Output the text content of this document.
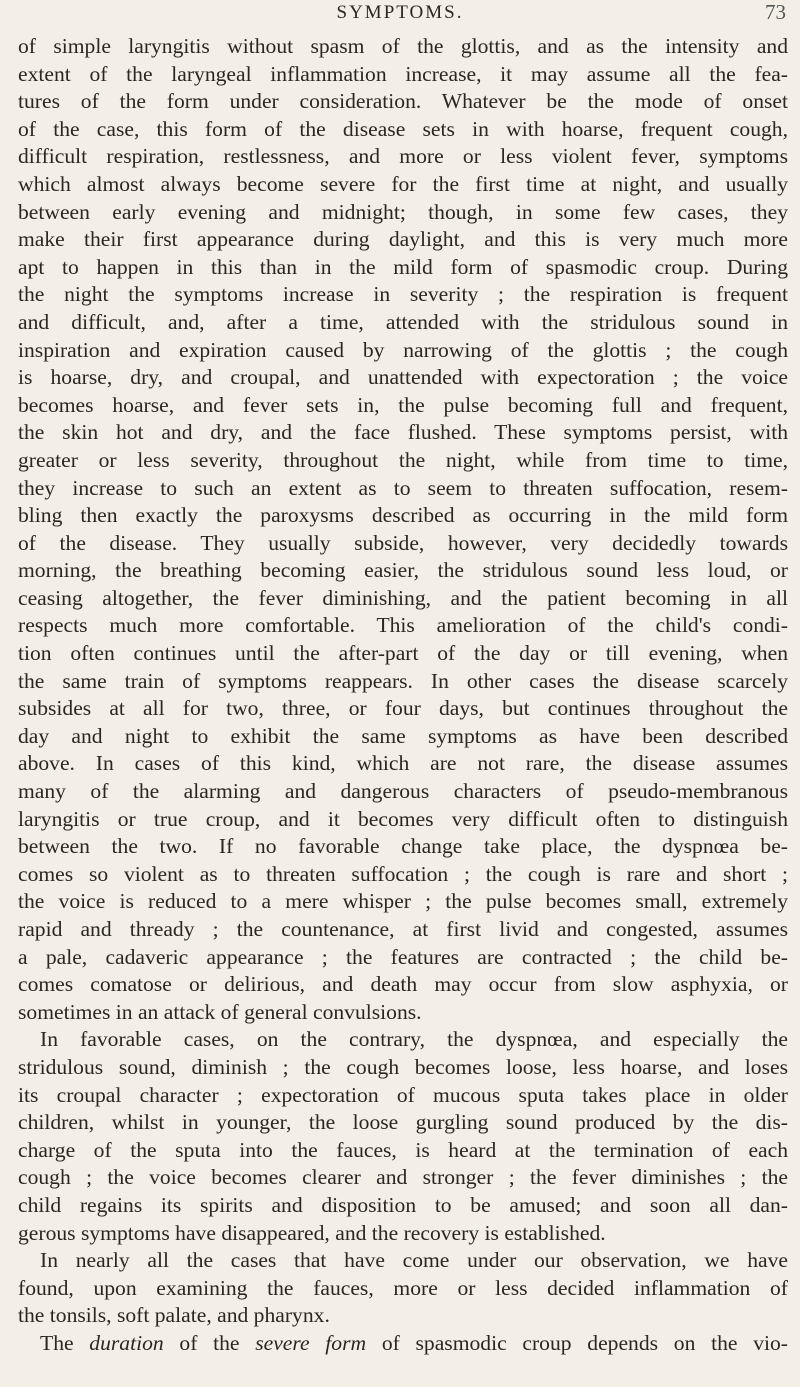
SYMPTOMS.	73
of simple laryngitis without spasm of the glottis, and as the intensity and
extent of the laryngeal inflammation increase, it may assume all the fea-
tures of the form under consideration. Whatever be the mode of onset
of the case, this form of the disease sets in with hoarse, frequent cough,
difficult respiration, restlessness, and more or less violent fever, symptoms
which almost always become severe for the first time at night, and usually
between early evening and midnight; though, in some few cases, they
make their first appearance during daylight, and this is very much more
apt to happen in this than in the mild form of spasmodic croup. During
the night the symptoms increase in severity ; the respiration is frequent
and difficult, and, after a time, attended with the stridulous sound in
inspiration and expiration caused by narrowing of the glottis ; the cough
is hoarse, dry, and croupal, and unattended with expectoration ; the voice
becomes hoarse, and fever sets in, the pulse becoming full and frequent,
the skin hot and dry, and the face flushed. These symptoms persist, with
greater or less severity, throughout the night, while from time to time,
they increase to such an extent as to seem to threaten suffocation, resem-
bling then exactly the paroxysms described as occurring in the mild form
of the disease. They usually subside, however, very decidedly towards
morning, the breathing becoming easier, the stridulous sound less loud, or
ceasing altogether, the fever diminishing, and the patient becoming in all
respects much more comfortable. This amelioration of the child's condi-
tion often continues until the after-part of the day or till evening, when
the same train of symptoms reappears. In other cases the disease scarcely
subsides at all for two, three, or four days, but continues throughout the
day and night to exhibit the same symptoms as have been described
above. In cases of this kind, which are not rare, the disease assumes
many of the alarming and dangerous characters of pseudo-membranous
laryngitis or true croup, and it becomes very difficult often to distinguish
between the two. If no favorable change take place, the dyspnœa be-
comes so violent as to threaten suffocation ; the cough is rare and short ;
the voice is reduced to a mere whisper ; the pulse becomes small, extremely
rapid and thready ; the countenance, at first livid and congested, assumes
a pale, cadaveric appearance ; the features are contracted ; the child be-
comes comatose or delirious, and death may occur from slow asphyxia, or
sometimes in an attack of general convulsions.
In favorable cases, on the contrary, the dyspnœa, and especially the
stridulous sound, diminish ; the cough becomes loose, less hoarse, and loses
its croupal character ; expectoration of mucous sputa takes place in older
children, whilst in younger, the loose gurgling sound produced by the dis-
charge of the sputa into the fauces, is heard at the termination of each
cough ; the voice becomes clearer and stronger ; the fever diminishes ; the
child regains its spirits and disposition to be amused; and soon all dan-
gerous symptoms have disappeared, and the recovery is established.
In nearly all the cases that have come under our observation, we have
found, upon examining the fauces, more or less decided inflammation of
the tonsils, soft palate, and pharynx.
The duration of the severe form of spasmodic croup depends on the vio-
